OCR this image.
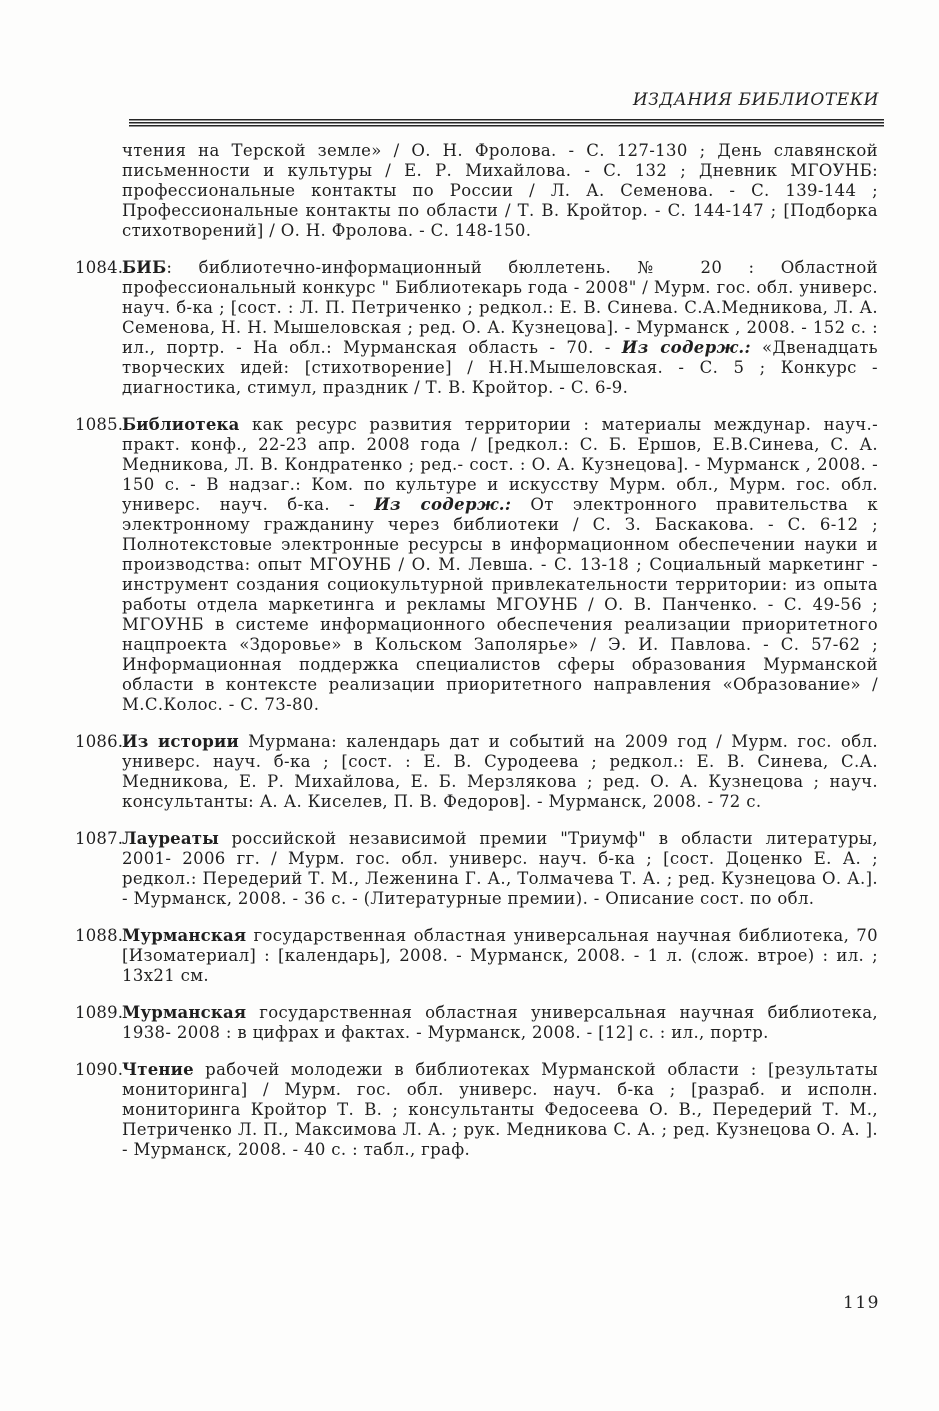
ИЗДАНИЯ БИБЛИОТЕКИ

чтения на Терской земле» / О. Н. Фролова. - С. 127-130 ; День славянской письменности и культуры / Е. Р. Михайлова. - С. 132 ; Дневник МГОУНБ: профессиональные контакты по России / Л. А. Семенова. - С. 139-144 ; Профессиональные контакты по области / Т. В. Кройтор. - С. 144-147 ; [Подборка стихотворений] / О. Н. Фролова. - С. 148-150.

1084.БИБ: библиотечно-информационный бюллетень. № 20 : Областной профессиональный конкурс " Библиотекарь года - 2008" / Мурм. гос. обл. универс. науч. б-ка ; [сост. : Л. П. Петриченко ; редкол.: Е. В. Синева. С.А.Медникова, Л. А. Семенова, Н. Н. Мышеловская ; ред. О. А. Кузнецова]. - Мурманск , 2008. - 152 с. : ил., портр. - На обл.: Мурманская область - 70. - Из содерж.: «Двенадцать творческих идей: [стихотворение] / Н.Н.Мышеловская. - С. 5 ; Конкурс - диагностика, стимул, праздник / Т. В. Кройтор. - С. 6-9.

1085.Библиотека как ресурс развития территории : материалы междунар. науч.- практ. конф., 22-23 апр. 2008 года / [редкол.: С. Б. Ершов, Е.В.Синева, С. А. Медникова, Л. В. Кондратенко ; ред.- сост. : О. А. Кузнецова]. - Мурманск , 2008. - 150 с. - В надзаг.: Ком. по культуре и искусству Мурм. обл., Мурм. гос. обл. универс. науч. б-ка. - Из содерж.: От электронного правительства к электронному гражданину через библиотеки / С. З. Баскакова. - С. 6-12 ; Полнотекстовые электронные ресурсы в информационном обеспечении науки и производства: опыт МГОУНБ / О. М. Левша. - С. 13-18 ; Социальный маркетинг - инструмент создания социокультурной привлекательности территории: из опыта работы отдела маркетинга и рекламы МГОУНБ / О. В. Панченко. - С. 49-56 ; МГОУНБ в системе информационного обеспечения реализации приоритетного нацпроекта «Здоровье» в Кольском Заполярье» / Э. И. Павлова. - С. 57-62 ; Информационная поддержка специалистов сферы образования Мурманской области в контексте реализации приоритетного направления «Образование» / М.С.Колос. - С. 73-80.

1086.Из истории Мурмана: календарь дат и событий на 2009 год / Мурм. гос. обл. универс. науч. б-ка ; [сост. : Е. В. Суродеева ; редкол.: Е. В. Синева, С.А. Медникова, Е. Р. Михайлова, Е. Б. Мерзлякова ; ред. О. А. Кузнецова ; науч. консультанты: А. А. Киселев, П. В. Федоров]. - Мурманск, 2008. - 72 с.

1087.Лауреаты российской независимой премии "Триумф" в области литературы, 2001- 2006 гг. / Мурм. гос. обл. универс. науч. б-ка ; [сост. Доценко Е. А. ; редкол.: Передерий Т. М., Леженина Г. А., Толмачева Т. А. ; ред. Кузнецова О. А.]. - Мурманск, 2008. - 36 с. - (Литературные премии). - Описание сост. по обл.

1088.Мурманская государственная областная универсальная научная библиотека, 70 [Изоматериал] : [календарь], 2008. - Мурманск, 2008. - 1 л. (слож. втрое) : ил. ; 13х21 см.

1089.Мурманская государственная областная универсальная научная библиотека, 1938- 2008 : в цифрах и фактах. - Мурманск, 2008. - [12] с. : ил., портр.

1090.Чтение рабочей молодежи в библиотеках Мурманской области : [результаты мониторинга] / Мурм. гос. обл. универс. науч. б-ка ; [разраб. и исполн. мониторинга Кройтор Т. В. ; консультанты Федосеева О. В., Передерий Т. М., Петриченко Л. П., Максимова Л. А. ; рук. Медникова С. А. ; ред. Кузнецова О. А. ]. - Мурманск, 2008. - 40 с. : табл., граф.

119
